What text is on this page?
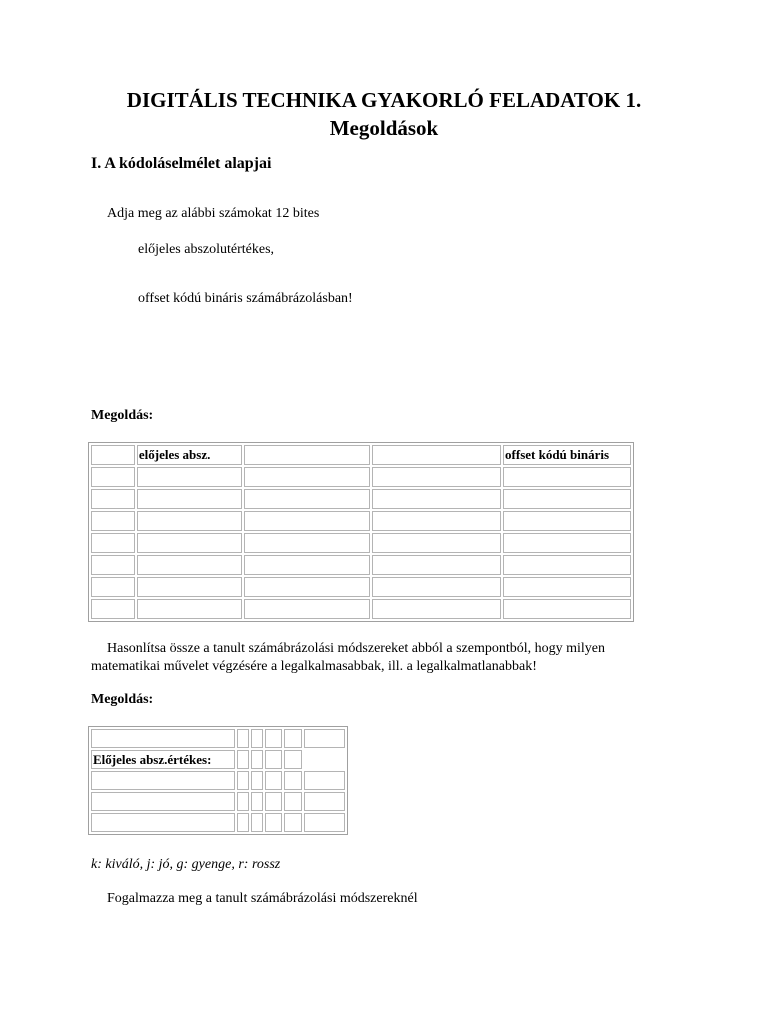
DIGITÁLIS TECHNIKA GYAKORLÓ FELADATOK 1.
Megoldások
I. A kódoláselmélet alapjai
Adja meg az alábbi számokat 12 bites
előjeles abszolutértékes,
offset kódú bináris számábrázolásban!
Megoldás:
	előjeles absz.			offset kódú bináris

Hasonlítsa össze a tanult számábrázolási módszereket abból a szempontból, hogy milyen
matematikai művelet végzésére a legalkalmasabbak, ill. a legalkalmatlanabbak!
Megoldás:

Előjeles absz.értékes:					

k: kiváló, j: jó, g: gyenge, r: rossz
Fogalmazza meg a tanult számábrázolási módszereknél
